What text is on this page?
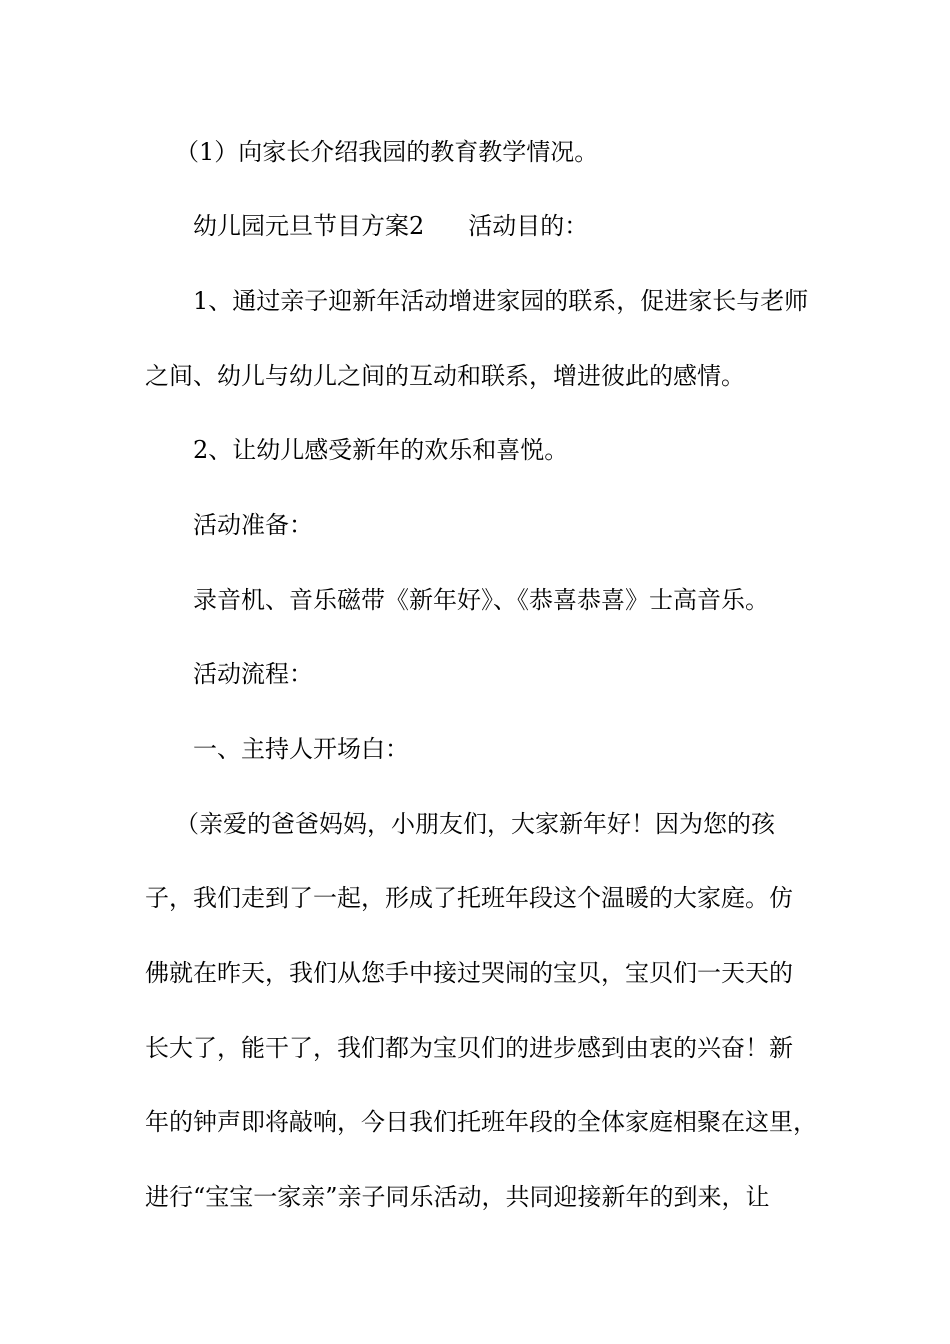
（1）向家长介绍我园的教育教学情况。
幼儿园元旦节目方案2 活动目的：
1、通过亲子迎新年活动增进家园的联系，促进家长与老师
之间、幼儿与幼儿之间的互动和联系，增进彼此的感情。
2、让幼儿感受新年的欢乐和喜悦。
活动准备：
录音机、音乐磁带《新年好》、《恭喜恭喜》士高音乐。
活动流程：
一、主持人开场白：
（亲爱的爸爸妈妈，小朋友们，大家新年好！因为您的孩
子，我们走到了一起，形成了托班年段这个温暖的大家庭。仿
佛就在昨天，我们从您手中接过哭闹的宝贝，宝贝们一天天的
长大了，能干了，我们都为宝贝们的进步感到由衷的兴奋！新
年的钟声即将敲响，今日我们托班年段的全体家庭相聚在这里，
进行“宝宝一家亲”亲子同乐活动，共同迎接新年的到来，让
